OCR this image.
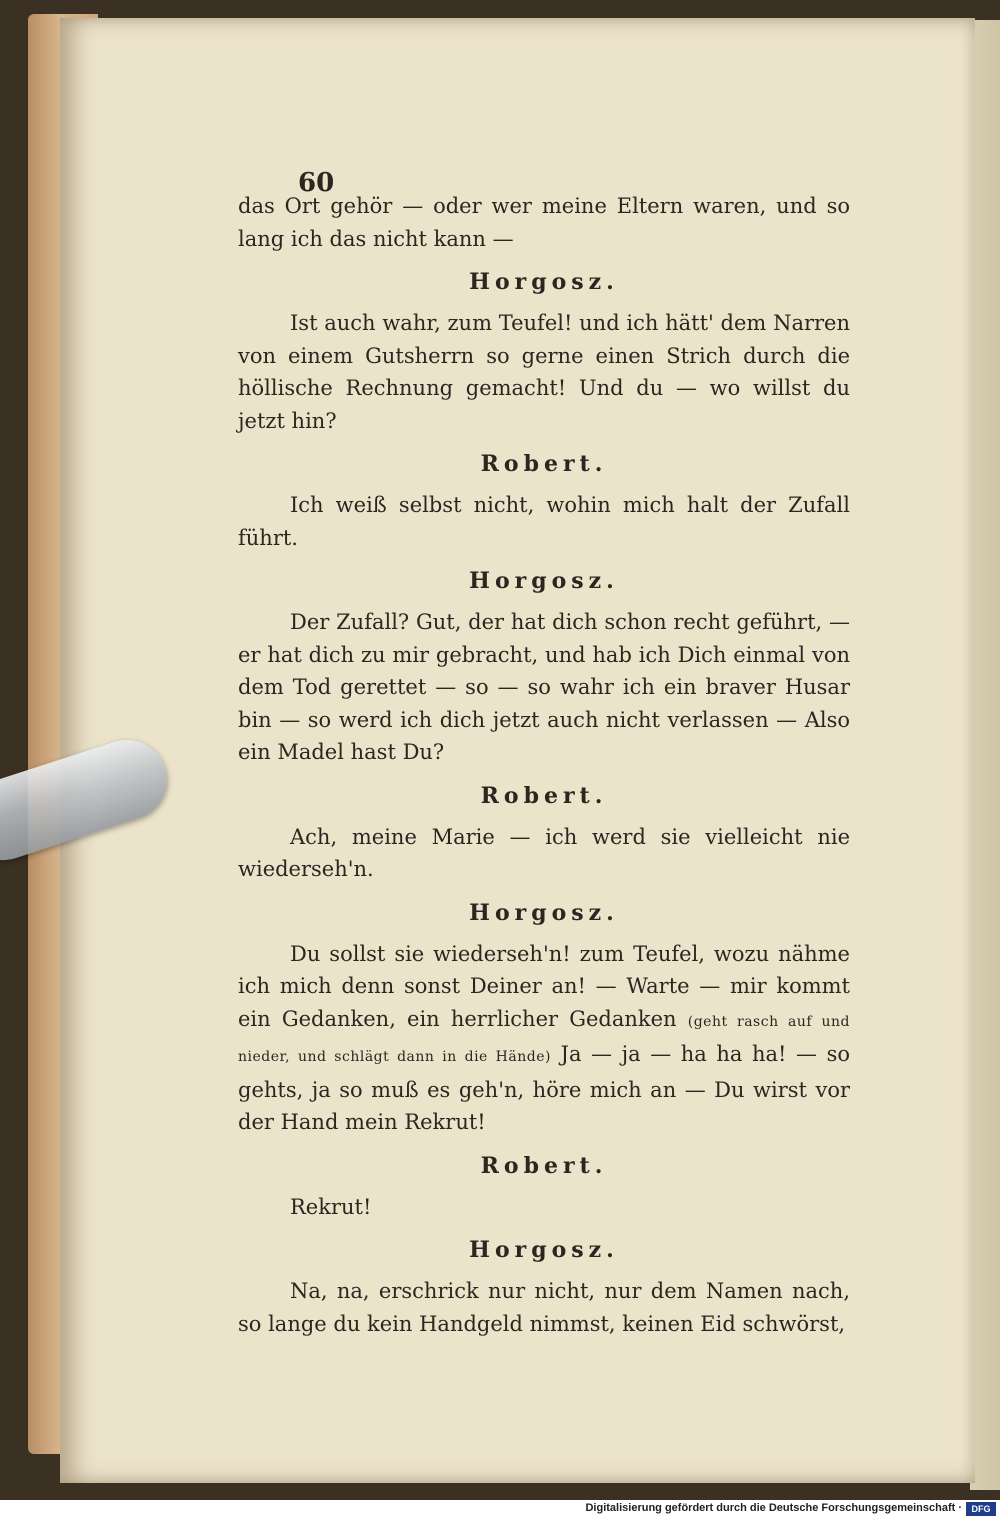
60

das Ort gehör — oder wer meine Eltern waren, und so lang ich das nicht kann —

Horgosz.

Ist auch wahr, zum Teufel! und ich hätt' dem Narren von einem Gutsherrn so gerne einen Strich durch die höllische Rechnung gemacht! Und du — wo willst du jetzt hin?

Robert.

Ich weiß selbst nicht, wohin mich halt der Zufall führt.

Horgosz.

Der Zufall? Gut, der hat dich schon recht geführt, — er hat dich zu mir gebracht, und hab ich Dich einmal von dem Tod gerettet — so — so wahr ich ein braver Husar bin — so werd ich dich jetzt auch nicht verlassen — Also ein Madel hast Du?

Robert.

Ach, meine Marie — ich werd sie vielleicht nie wiederseh'n.

Horgosz.

Du sollst sie wiederseh'n! zum Teufel, wozu nähme ich mich denn sonst Deiner an! — Warte — mir kommt ein Gedanken, ein herrlicher Gedanken (geht rasch auf und nieder, und schlägt dann in die Hände) Ja — ja — ha ha ha! — so gehts, ja so muß es geh'n, höre mich an — Du wirst vor der Hand mein Rekrut!

Robert.

Rekrut!

Horgosz.

Na, na, erschrick nur nicht, nur dem Namen nach, so lange du kein Handgeld nimmst, keinen Eid schwörst,

Digitalisierung gefördert durch die Deutsche Forschungsgemeinschaft ·	DFG
